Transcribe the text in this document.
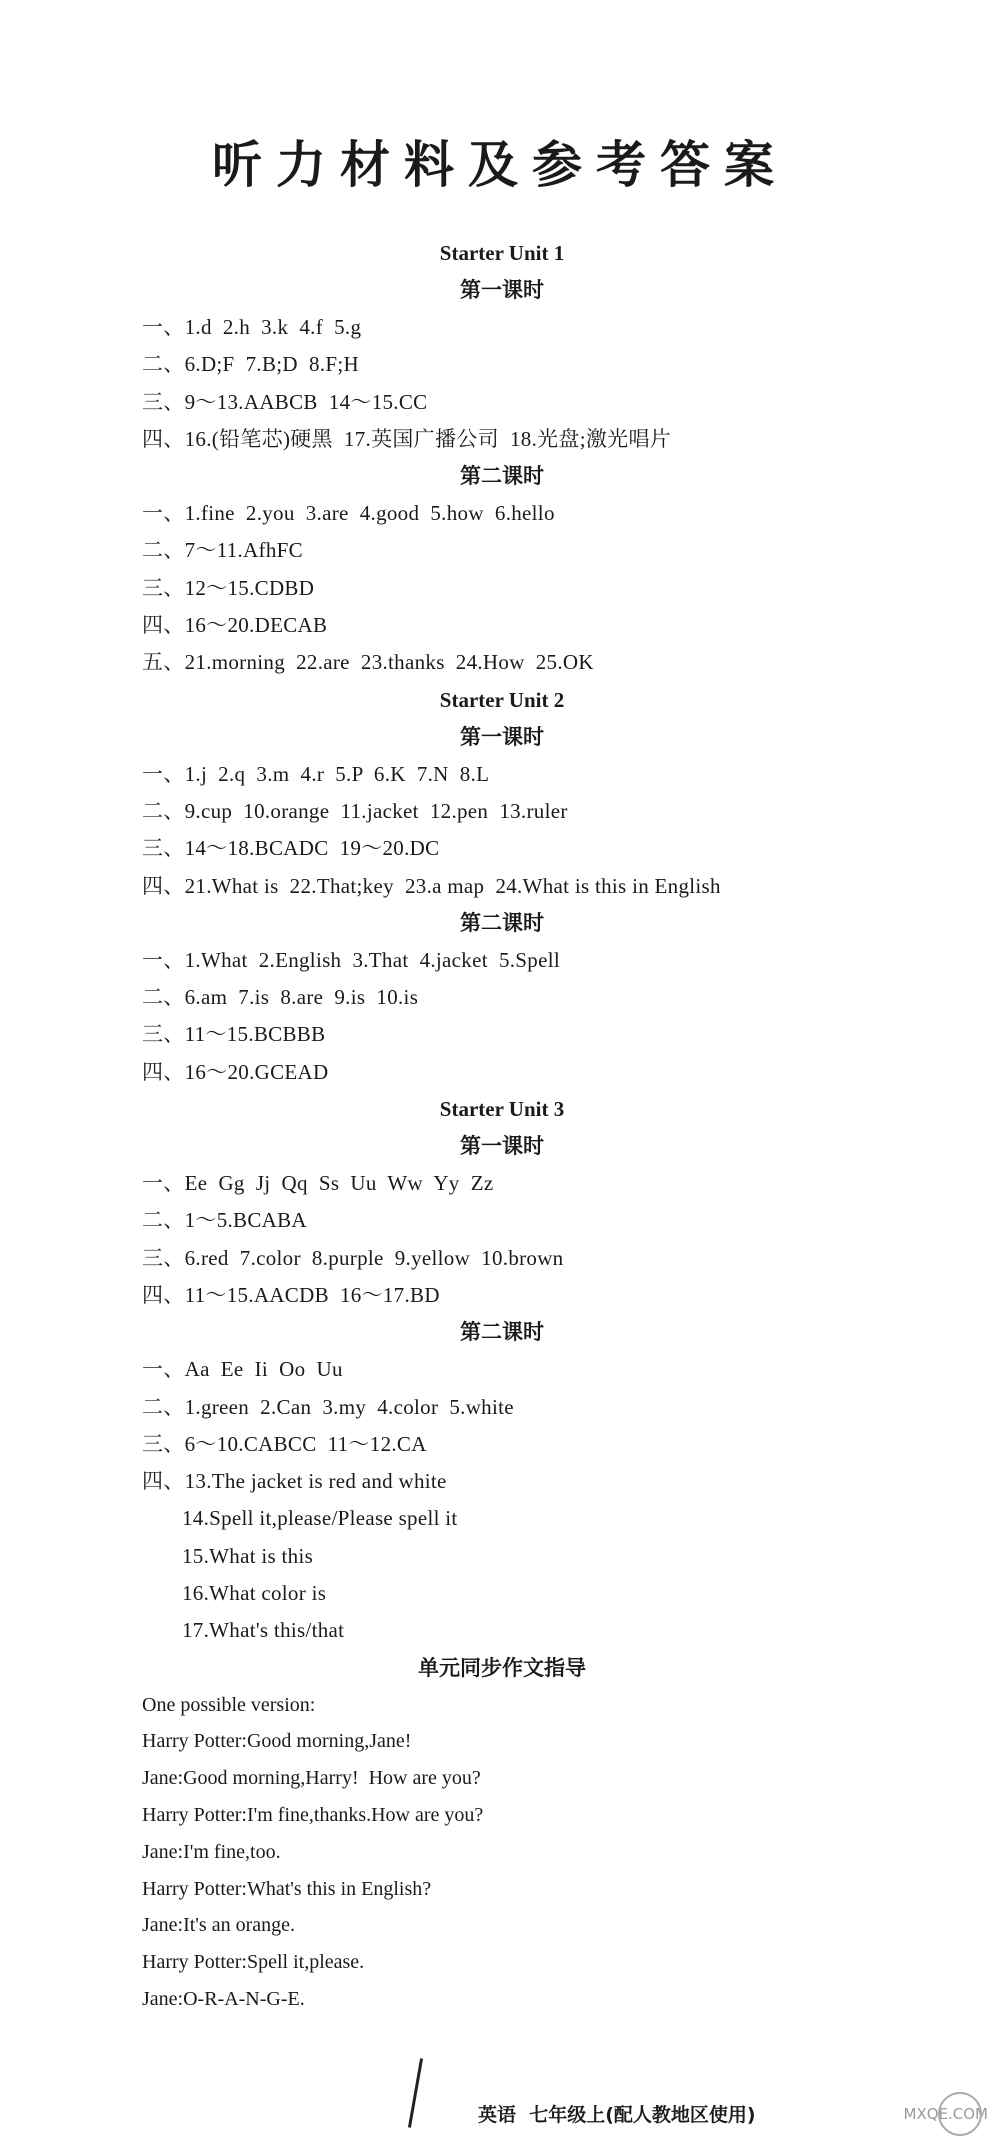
听力材料及参考答案
Starter Unit 1
第一课时
一、1.d  2.h  3.k  4.f  5.g
二、6.D;F  7.B;D  8.F;H
三、9～13.AABCB  14～15.CC
四、16.(铅笔芯)硬黑  17.英国广播公司  18.光盘;激光唱片
第二课时
一、1.fine  2.you  3.are  4.good  5.how  6.hello
二、7～11.AfhFC
三、12～15.CDBD
四、16～20.DECAB
五、21.morning  22.are  23.thanks  24.How  25.OK
Starter Unit 2
第一课时
一、1.j  2.q  3.m  4.r  5.P  6.K  7.N  8.L
二、9.cup  10.orange  11.jacket  12.pen  13.ruler
三、14～18.BCADC  19～20.DC
四、21.What is  22.That;key  23.a map  24.What is this in English
第二课时
一、1.What  2.English  3.That  4.jacket  5.Spell
二、6.am  7.is  8.are  9.is  10.is
三、11～15.BCBBB
四、16～20.GCEAD
Starter Unit 3
第一课时
一、Ee  Gg  Jj  Qq  Ss  Uu  Ww  Yy  Zz
二、1～5.BCABA
三、6.red  7.color  8.purple  9.yellow  10.brown
四、11～15.AACDB  16～17.BD
第二课时
一、Aa  Ee  Ii  Oo  Uu
二、1.green  2.Can  3.my  4.color  5.white
三、6～10.CABCC  11～12.CA
四、13.The jacket is red and white
14.Spell it,please/Please spell it
15.What is this
16.What color is
17.What's this/that
单元同步作文指导
One possible version:
Harry Potter:Good morning,Jane!
Jane:Good morning,Harry!  How are you?
Harry Potter:I'm fine,thanks.How are you?
Jane:I'm fine,too.
Harry Potter:What's this in English?
Jane:It's an orange.
Harry Potter:Spell it,please.
Jane:O-R-A-N-G-E.
英语  七年级上(配人教地区使用)	MXQE.COM
